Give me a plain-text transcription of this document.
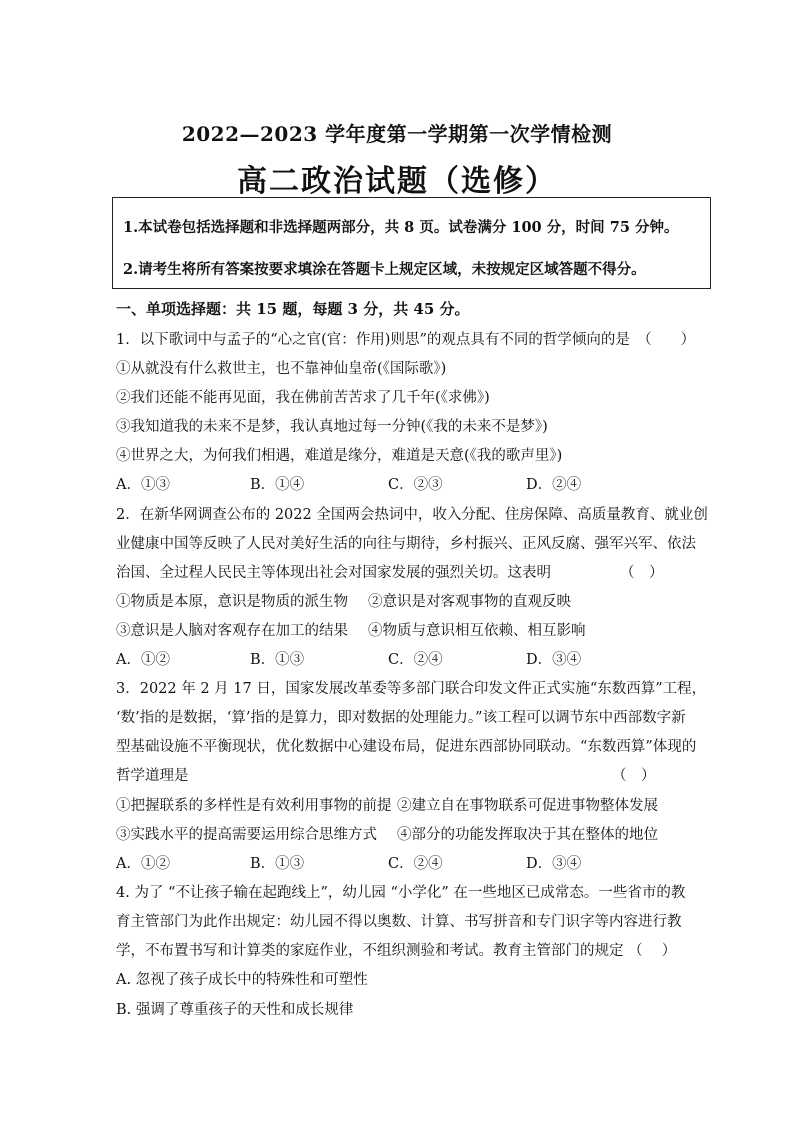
2022—2023 学年度第一学期第一次学情检测
高二政治试题（选修）
1.本试卷包括选择题和非选择题两部分，共 8 页。试卷满分 100 分，时间 75 分钟。
2.请考生将所有答案按要求填涂在答题卡上规定区域，未按规定区域答题不得分。
一、单项选择题：共 15 题，每题 3 分，共 45 分。
1．以下歌词中与孟子的“心之官(官：作用)则思”的观点具有不同的哲学倾向的是　（　　）
①从就没有什么救世主，也不靠神仙皇帝(《国际歌》)
②我们还能不能再见面，我在佛前苦苦求了几千年(《求佛》)
③我知道我的未来不是梦，我认真地过每一分钟(《我的未来不是梦》)
④世界之大，为何我们相遇，难道是缘分，难道是天意(《我的歌声里》)
A．①③	B．①④	C．②③	D．②④
2．在新华网调查公布的 2022 全国两会热词中，收入分配、住房保障、高质量教育、就业创
业健康中国等反映了人民对美好生活的向往与期待，乡村振兴、正风反腐、强军兴军、依法
治国、全过程人民民主等体现出社会对国家发展的强烈关切。这表明	（　）
①物质是本原，意识是物质的派生物 ②意识是对客观事物的直观反映
③意识是人脑对客观存在加工的结果 ④物质与意识相互依赖、相互影响
A．①②	B．①③	C．②④	D．③④
3．2022 年 2 月 17 日，国家发展改革委等多部门联合印发文件正式实施“东数西算”工程，
‘数’指的是数据，‘算’指的是算力，即对数据的处理能力。”该工程可以调节东中西部数字新
型基础设施不平衡现状，优化数据中心建设布局，促进东西部协同联动。“东数西算”体现的
哲学道理是	（　）
①把握联系的多样性是有效利用事物的前提 ②建立自在事物联系可促进事物整体发展
③实践水平的提高需要运用综合思维方式 ④部分的功能发挥取决于其在整体的地位
A．①②	B．①③	C．②④	D．③④
4. 为了 “不让孩子输在起跑线上”，幼儿园 “小学化” 在一些地区已成常态。一些省市的教
育主管部门为此作出规定：幼儿园不得以奥数、计算、书写拼音和专门识字等内容进行教
学，不布置书写和计算类的家庭作业，不组织测验和考试。教育主管部门的规定 （　 ）
A. 忽视了孩子成长中的特殊性和可塑性
B. 强调了尊重孩子的天性和成长规律
